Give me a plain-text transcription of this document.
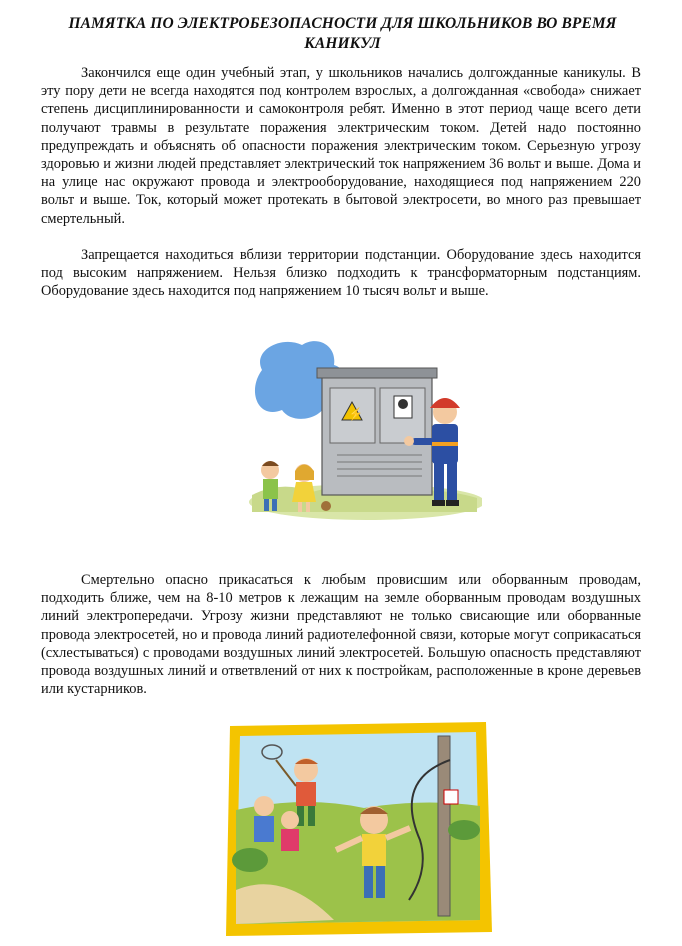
ПАМЯТКА ПО ЭЛЕКТРОБЕЗОПАСНОСТИ ДЛЯ ШКОЛЬНИКОВ ВО ВРЕМЯ КАНИКУЛ

Закончился еще один учебный этап, у школьников начались долгожданные каникулы. В эту пору дети не всегда находятся под контролем взрослых, а долгожданная «свобода» снижает степень дисциплинированности и самоконтроля ребят. Именно в этот период чаще всего дети получают травмы в результате поражения электрическим током. Детей надо постоянно предупреждать и объяснять об опасности поражения электрическим током. Серьезную угрозу здоровью и жизни людей представляет электрический ток напряжением 36 вольт и выше. Дома и на улице нас окружают провода и электрооборудование, находящиеся под напряжением 220 вольт и выше. Ток, который может протекать в бытовой электросети, во много раз превышает смертельный.

Запрещается находиться вблизи территории подстанции. Оборудование здесь находится под высоким напряжением. Нельзя близко подходить к трансформаторным подстанциям. Оборудование здесь находится под напряжением 10 тысяч вольт и выше.

⚡

Смертельно опасно прикасаться к любым провисшим или оборванным проводам, подходить ближе, чем на 8-10 метров к лежащим на земле оборванным проводам воздушных линий электропередачи. Угрозу жизни представляют не только свисающие или оборванные провода электросетей, но и провода линий радиотелефонной связи, которые могут соприкасаться (схлестываться) с проводами воздушных линий электросетей. Большую опасность представляют провода воздушных линий и ответвлений от них к постройкам, расположенные в кроне деревьев или кустарников.
